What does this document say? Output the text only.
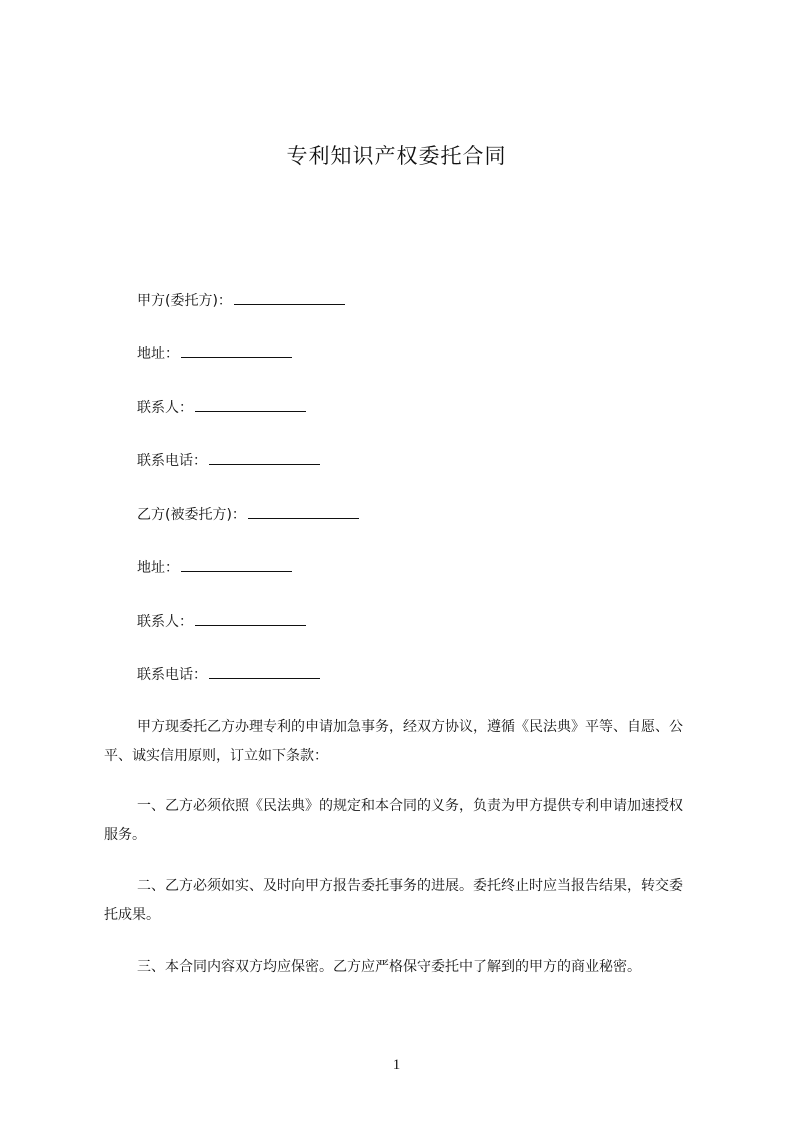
专利知识产权委托合同
甲方(委托方)：
地址：
联系人：
联系电话：
乙方(被委托方)：
地址：
联系人：
联系电话：
甲方现委托乙方办理专利的申请加急事务，经双方协议，遵循《民法典》平等、自愿、公平、诚实信用原则，订立如下条款：
一、乙方必须依照《民法典》的规定和本合同的义务，负责为甲方提供专利申请加速授权服务。
二、乙方必须如实、及时向甲方报告委托事务的进展。委托终止时应当报告结果，转交委托成果。
三、本合同内容双方均应保密。乙方应严格保守委托中了解到的甲方的商业秘密。
1
